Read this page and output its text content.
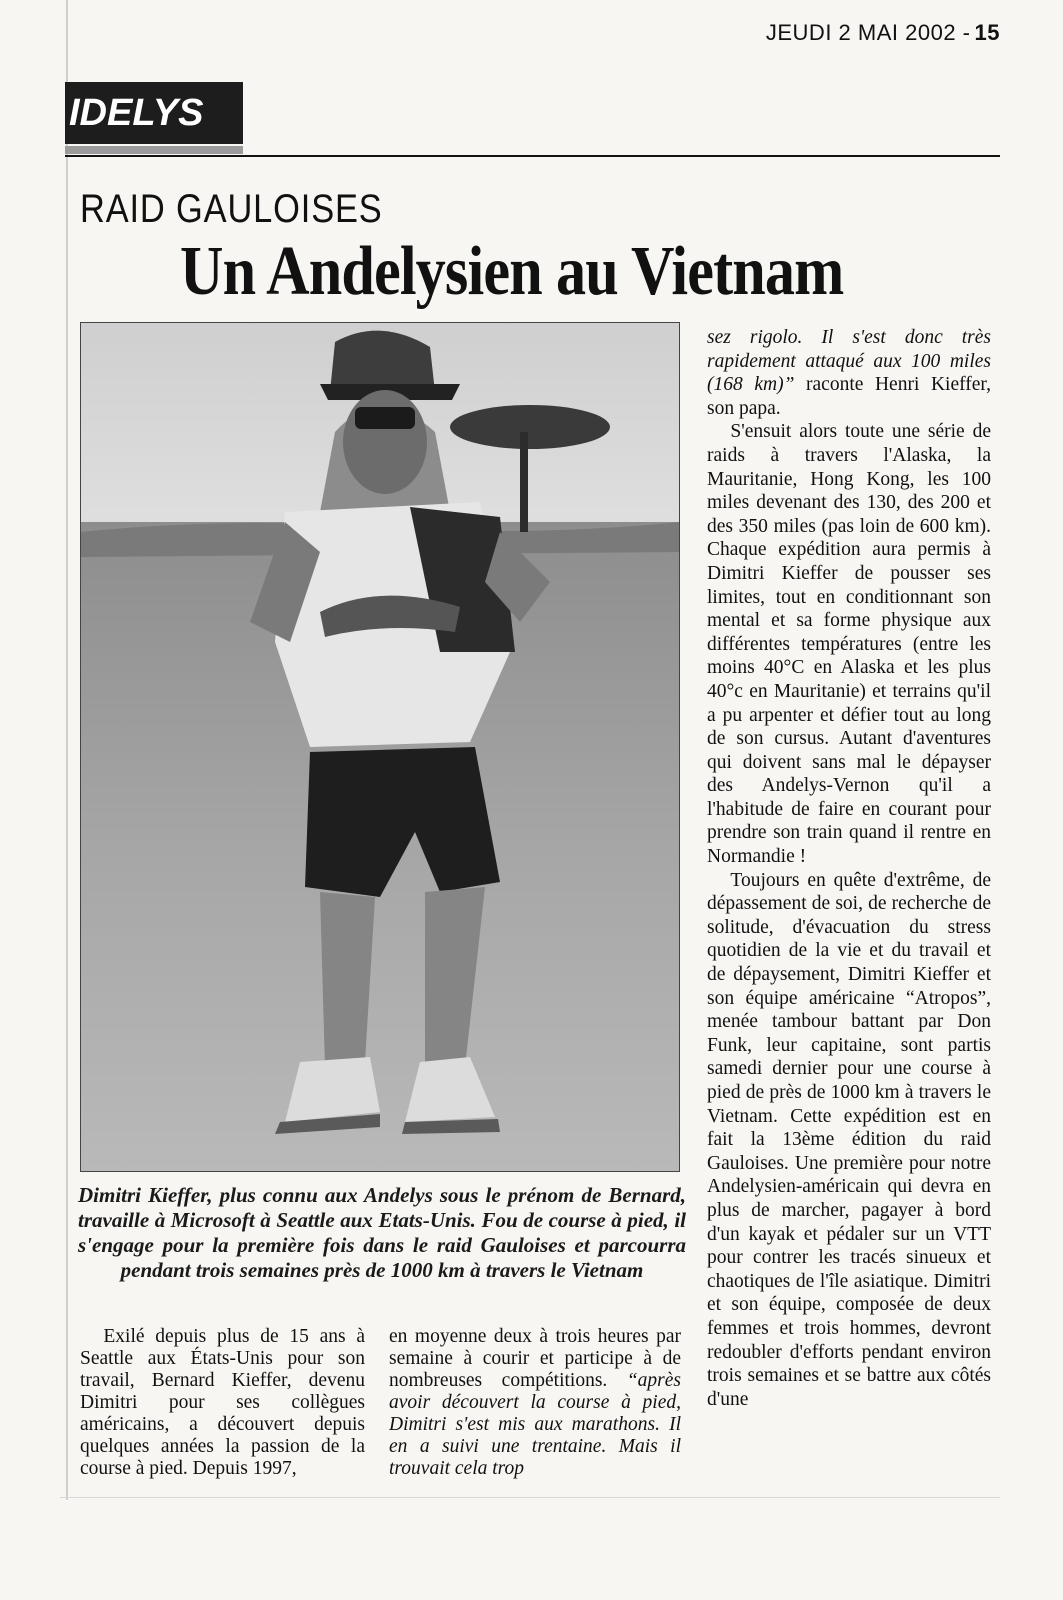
JEUDI 2 MAI 2002 - 15
IDELYS
RAID GAULOISES
Un Andelysien au Vietnam
Dimitri Kieffer, plus connu aux Andelys sous le prénom de Bernard, travaille à Microsoft à Seattle aux Etats-Unis. Fou de course à pied, il s'engage pour la première fois dans le raid Gauloises et parcourra pendant trois semaines près de 1000 km à travers le Vietnam

Exilé depuis plus de 15 ans à Seattle aux États-Unis pour son travail, Bernard Kieffer, devenu Dimitri pour ses collègues américains, a découvert depuis quelques années la passion de la course à pied. Depuis 1997,

en moyenne deux à trois heures par semaine à courir et participe à de nombreuses compétitions. “après avoir découvert la course à pied, Dimitri s'est mis aux marathons. Il en a suivi une trentaine. Mais il trouvait cela trop

sez rigolo. Il s'est donc très rapidement attaqué aux 100 miles (168 km)” raconte Henri Kieffer, son papa.

S'ensuit alors toute une série de raids à travers l'Alaska, la Mauritanie, Hong Kong, les 100 miles devenant des 130, des 200 et des 350 miles (pas loin de 600 km). Chaque expédition aura permis à Dimitri Kieffer de pousser ses limites, tout en conditionnant son mental et sa forme physique aux différentes températures (entre les moins 40°C en Alaska et les plus 40°c en Mauritanie) et terrains qu'il a pu arpenter et défier tout au long de son cursus. Autant d'aventures qui doivent sans mal le dépayser des Andelys-Vernon qu'il a l'habitude de faire en courant pour prendre son train quand il rentre en Normandie !

Toujours en quête d'extrême, de dépassement de soi, de recherche de solitude, d'évacuation du stress quotidien de la vie et du travail et de dépaysement, Dimitri Kieffer et son équipe américaine “Atropos”, menée tambour battant par Don Funk, leur capitaine, sont partis samedi dernier pour une course à pied de près de 1000 km à travers le Vietnam. Cette expédition est en fait la 13ème édition du raid Gauloises. Une première pour notre Andelysien-américain qui devra en plus de marcher, pagayer à bord d'un kayak et pédaler sur un VTT pour contrer les tracés sinueux et chaotiques de l'île asiatique. Dimitri et son équipe, composée de deux femmes et trois hommes, devront redoubler d'efforts pendant environ trois semaines et se battre aux côtés d'une
